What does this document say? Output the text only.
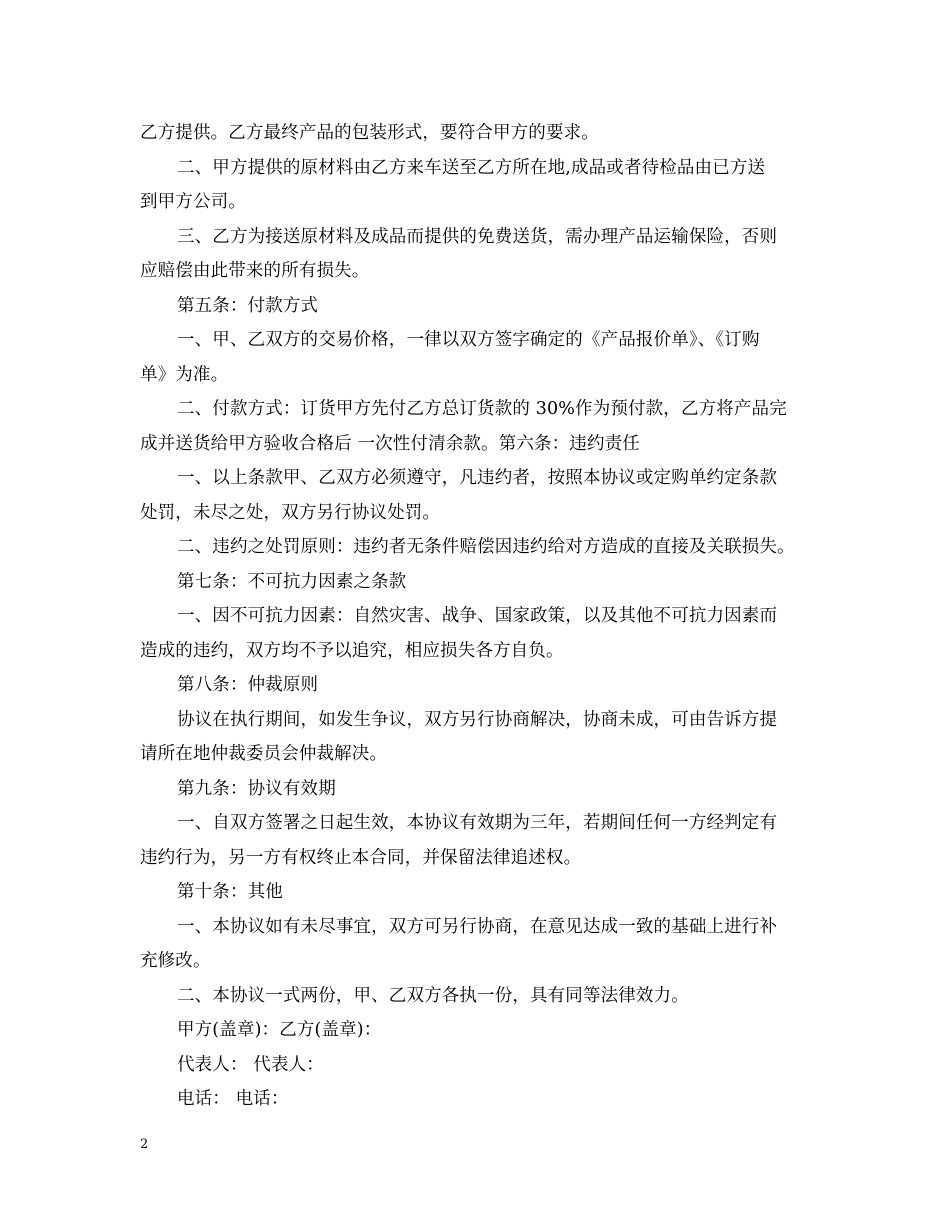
乙方提供。乙方最终产品的包装形式，要符合甲方的要求。

二、甲方提供的原材料由乙方来车送至乙方所在地,成品或者待检品由已方送

到甲方公司。

三、乙方为接送原材料及成品而提供的免费送货，需办理产品运输保险，否则

应赔偿由此带来的所有损失。

第五条：付款方式

一、甲、乙双方的交易价格，一律以双方签字确定的《产品报价单》、《订购

单》为准。

二、付款方式：订货甲方先付乙方总订货款的 30%作为预付款，乙方将产品完

成并送货给甲方验收合格后 一次性付清余款。第六条：违约责任

一、以上条款甲、乙双方必须遵守，凡违约者，按照本协议或定购单约定条款

处罚，未尽之处，双方另行协议处罚。

二、违约之处罚原则：违约者无条件赔偿因违约给对方造成的直接及关联损失。

第七条：不可抗力因素之条款

一、因不可抗力因素：自然灾害、战争、国家政策，以及其他不可抗力因素而

造成的违约，双方均不予以追究，相应损失各方自负。

第八条：仲裁原则

协议在执行期间，如发生争议，双方另行协商解决，协商未成，可由告诉方提

请所在地仲裁委员会仲裁解决。

第九条：协议有效期

一、自双方签署之日起生效，本协议有效期为三年，若期间任何一方经判定有

违约行为，另一方有权终止本合同，并保留法律追述权。

第十条：其他

一、本协议如有未尽事宜，双方可另行协商，在意见达成一致的基础上进行补

充修改。

二、本协议一式两份，甲、乙双方各执一份，具有同等法律效力。

甲方(盖章)：乙方(盖章)：

代表人： 代表人：

电话： 电话：

2
